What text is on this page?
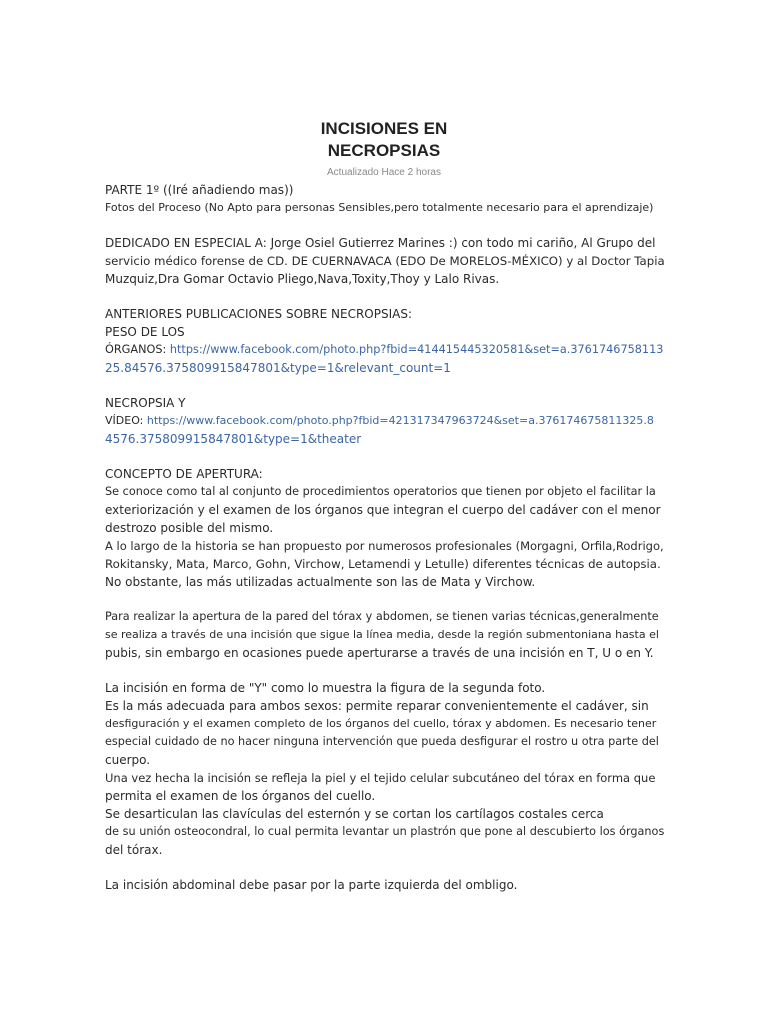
INCISIONES EN
NECROPSIAS
Actualizado Hace 2 horas
PARTE 1º ((Iré añadiendo mas))
Fotos del Proceso (No Apto para personas Sensibles,pero totalmente necesario para el aprendizaje)
DEDICADO EN ESPECIAL A: Jorge Osiel Gutierrez Marines :) con todo mi cariño, Al Grupo del
servicio médico forense de CD. DE CUERNAVACA (EDO De MORELOS-MÉXICO) y al Doctor Tapia
Muzquiz,Dra Gomar Octavio Pliego,Nava,Toxity,Thoy y Lalo Rivas.
ANTERIORES PUBLICACIONES SOBRE NECROPSIAS:
PESO DE LOS
ÓRGANOS: https://www.facebook.com/photo.php?fbid=414415445320581&set=a.3761746758113
25.84576.375809915847801&type=1&relevant_count=1
NECROPSIA Y
VÍDEO: https://www.facebook.com/photo.php?fbid=421317347963724&set=a.376174675811325.8
4576.375809915847801&type=1&theater
CONCEPTO DE APERTURA:
Se conoce como tal al conjunto de procedimientos operatorios que tienen por objeto el facilitar la
exteriorización y el examen de los órganos que integran el cuerpo del cadáver con el menor
destrozo posible del mismo.
A lo largo de la historia se han propuesto por numerosos profesionales (Morgagni, Orfila,Rodrigo,
Rokitansky, Mata, Marco, Gohn, Virchow, Letamendi y Letulle) diferentes técnicas de autopsia.
No obstante, las más utilizadas actualmente son las de Mata y Virchow.
Para realizar la apertura de la pared del tórax y abdomen, se tienen varias técnicas,generalmente
se realiza a través de una incisión que sigue la línea media, desde la región submentoniana hasta el
pubis, sin embargo en ocasiones puede aperturarse a través de una incisión en T, U o en Y.
La incisión en forma de "Y" como lo muestra la figura de la segunda foto.
Es la más adecuada para ambos sexos: permite reparar convenientemente el cadáver, sin
desfiguración y el examen completo de los órganos del cuello, tórax y abdomen. Es necesario tener
especial cuidado de no hacer ninguna intervención que pueda desfigurar el rostro u otra parte del
cuerpo.
Una vez hecha la incisión se refleja la piel y el tejido celular subcutáneo del tórax en forma que
permita el examen de los órganos del cuello.
Se desarticulan las clavículas del esternón y se cortan los cartílagos costales cerca
de su unión osteocondral, lo cual permita levantar un plastrón que pone al descubierto los órganos
del tórax.
La incisión abdominal debe pasar por la parte izquierda del ombligo.
